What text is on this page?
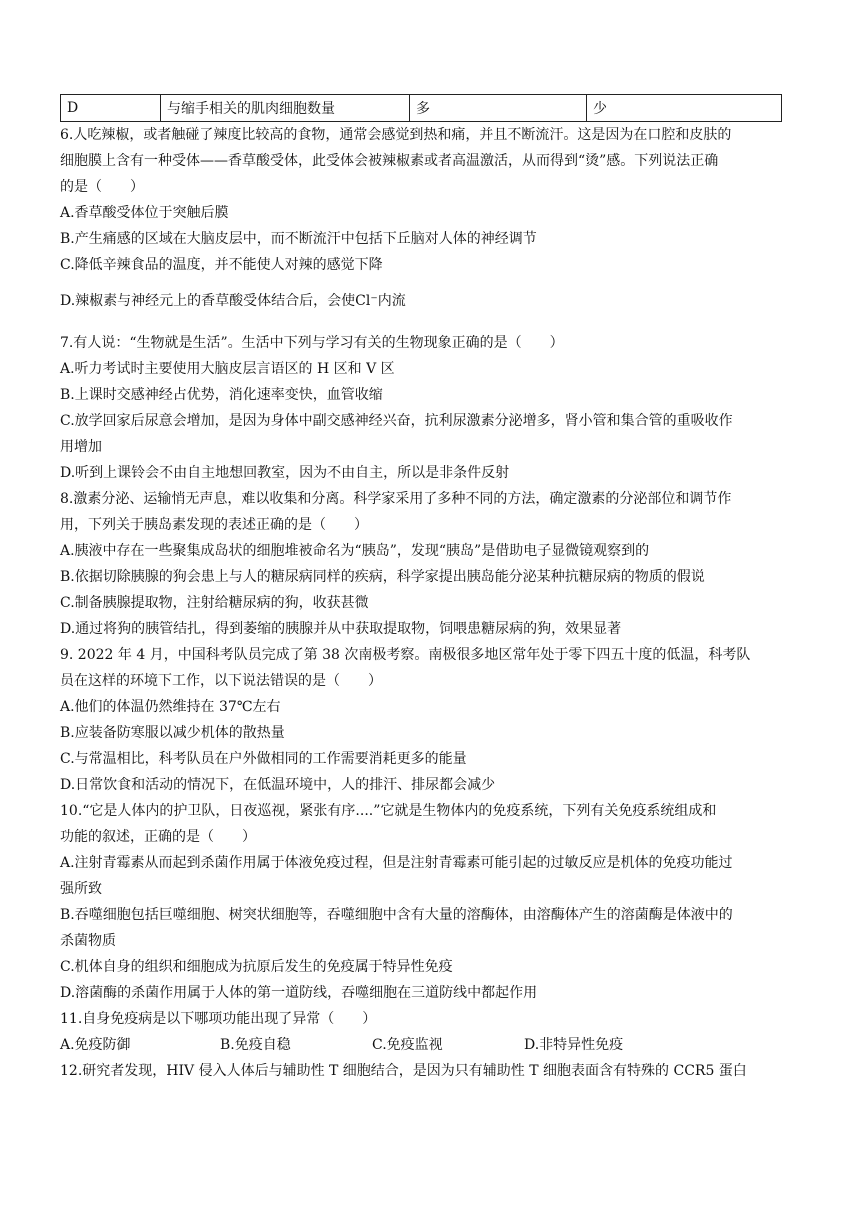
D	与缩手相关的肌肉细胞数量	多	少
6.人吃辣椒，或者触碰了辣度比较高的食物，通常会感觉到热和痛，并且不断流汗。这是因为在口腔和皮肤的
细胞膜上含有一种受体——香草酸受体，此受体会被辣椒素或者高温激活，从而得到“烫”感。下列说法正确
的是（　　）
A.香草酸受体位于突触后膜
B.产生痛感的区域在大脑皮层中，而不断流汗中包括下丘脑对人体的神经调节
C.降低辛辣食品的温度，并不能使人对辣的感觉下降
D.辣椒素与神经元上的香草酸受体结合后，会使Cl⁻内流
7.有人说：“生物就是生活”。生活中下列与学习有关的生物现象正确的是（　　）
A.听力考试时主要使用大脑皮层言语区的 H 区和 V 区
B.上课时交感神经占优势，消化速率变快，血管收缩
C.放学回家后尿意会增加，是因为身体中副交感神经兴奋，抗利尿激素分泌增多，肾小管和集合管的重吸收作
用增加
D.听到上课铃会不由自主地想回教室，因为不由自主，所以是非条件反射
8.激素分泌、运输悄无声息，难以收集和分离。科学家采用了多种不同的方法，确定激素的分泌部位和调节作
用，下列关于胰岛素发现的表述正确的是（　　）
A.胰液中存在一些聚集成岛状的细胞堆被命名为“胰岛”，发现“胰岛”是借助电子显微镜观察到的
B.依据切除胰腺的狗会患上与人的糖尿病同样的疾病，科学家提出胰岛能分泌某种抗糖尿病的物质的假说
C.制备胰腺提取物，注射给糖尿病的狗，收获甚微
D.通过将狗的胰管结扎，得到萎缩的胰腺并从中获取提取物，饲喂患糖尿病的狗，效果显著
9. 2022 年 4 月，中国科考队员完成了第 38 次南极考察。南极很多地区常年处于零下四五十度的低温，科考队
员在这样的环境下工作，以下说法错误的是（　　）
A.他们的体温仍然维持在 37℃左右
B.应装备防寒服以减少机体的散热量
C.与常温相比，科考队员在户外做相同的工作需要消耗更多的能量
D.日常饮食和活动的情况下，在低温环境中，人的排汗、排尿都会减少
10.“它是人体内的护卫队，日夜巡视，紧张有序....”它就是生物体内的免疫系统，下列有关免疫系统组成和
功能的叙述，正确的是（　　）
A.注射青霉素从而起到杀菌作用属于体液免疫过程，但是注射青霉素可能引起的过敏反应是机体的免疫功能过
强所致
B.吞噬细胞包括巨噬细胞、树突状细胞等，吞噬细胞中含有大量的溶酶体，由溶酶体产生的溶菌酶是体液中的
杀菌物质
C.机体自身的组织和细胞成为抗原后发生的免疫属于特异性免疫
D.溶菌酶的杀菌作用属于人体的第一道防线，吞噬细胞在三道防线中都起作用
11.自身免疫病是以下哪项功能出现了异常（　　）
A.免疫防御	B.免疫自稳	C.免疫监视	D.非特异性免疫
12.研究者发现，HIV 侵入人体后与辅助性 T 细胞结合，是因为只有辅助性 T 细胞表面含有特殊的 CCR5 蛋白
